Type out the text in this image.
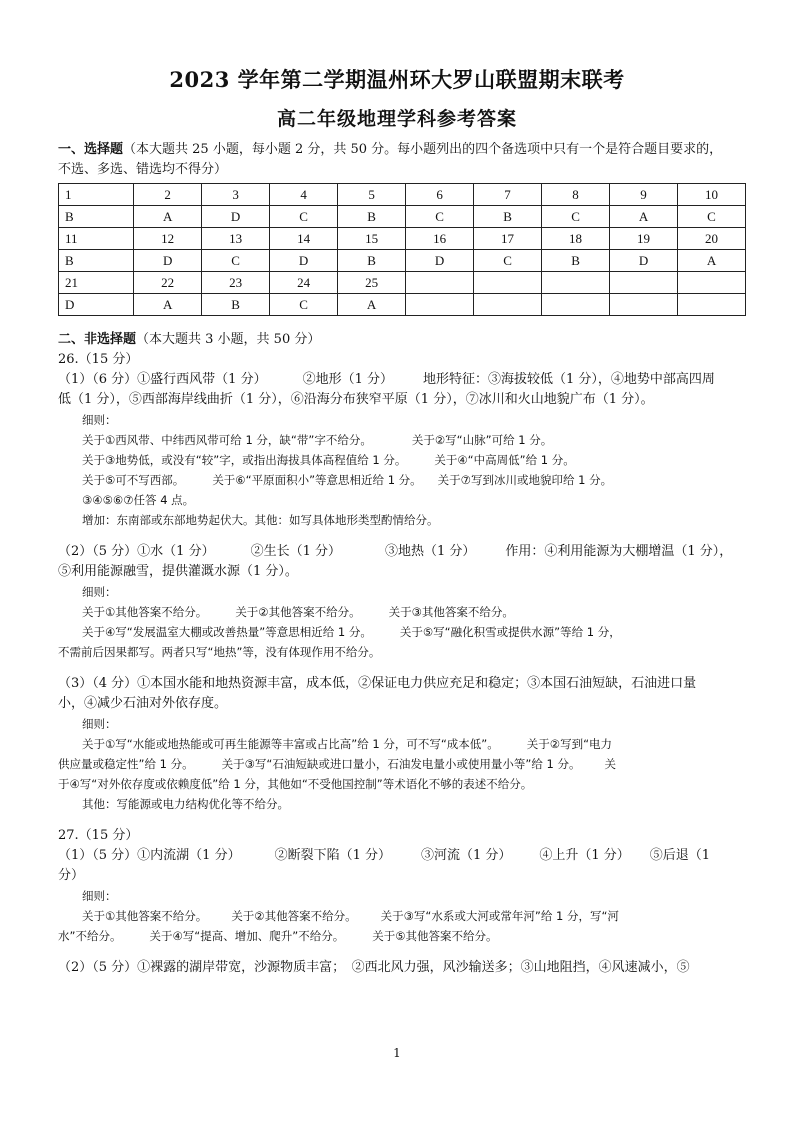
2023 学年第二学期温州环大罗山联盟期末联考
高二年级地理学科参考答案

一、选择题（本大题共 25 小题，每小题 2 分，共 50 分。每小题列出的四个备选项中只有一个是符合题目要求的，

不选、多选、错选均不得分）

1	2	3	4	5	6	7	8	9	10
B	A	D	C	B	C	B	C	A	C
11	12	13	14	15	16	17	18	19	20
B	D	C	D	B	D	C	B	D	A
21	22	23	24	25					
D	A	B	C	A					

二、非选择题（本大题共 3 小题，共 50 分）

26.（15 分）

（1）（6 分）①盛行西风带（1 分）	②地形（1 分） 地形特征：③海拔较低（1 分），④地势中部高四周

低（1 分），⑤西部海岸线曲折（1 分），⑥沿海分布狭窄平原（1 分），⑦冰川和火山地貌广布（1 分）。

细则：

关于①西风带、中纬西风带可给 1 分，缺“带”字不给分。	关于②写“山脉”可给 1 分。

关于③地势低，或没有“较”字，或指出海拔具体高程值给 1 分。 关于④“中高周低”给 1 分。

关于⑤可不写西部。 关于⑥“平原面积小”等意思相近给 1 分。 关于⑦写到冰川或地貌印给 1 分。

③④⑤⑥⑦任答 4 点。

增加：东南部或东部地势起伏大。其他：如写具体地形类型酌情给分。

（2）（5 分）①水（1 分）	②生长（1 分）	③地热（1 分） 作用：④利用能源为大棚增温（1 分），

⑤利用能源融雪，提供灌溉水源（1 分）。

细则：

关于①其他答案不给分。 关于②其他答案不给分。 关于③其他答案不给分。

关于④写“发展温室大棚或改善热量”等意思相近给 1 分。 关于⑤写“融化积雪或提供水源”等给 1 分，

不需前后因果都写。两者只写“地热”等，没有体现作用不给分。

（3）（4 分）①本国水能和地热资源丰富，成本低，②保证电力供应充足和稳定；③本国石油短缺，石油进口量

小，④减少石油对外依存度。

细则：

关于①写“水能或地热能或可再生能源等丰富或占比高”给 1 分，可不写“成本低”。 关于②写到“电力

供应量或稳定性”给 1 分。 关于③写“石油短缺或进口量小，石油发电量小或使用量小等”给 1 分。 关

于④写“对外依存度或依赖度低”给 1 分，其他如“不受他国控制”等术语化不够的表述不给分。

其他：写能源或电力结构优化等不给分。

27.（15 分）

（1）（5 分）①内流湖（1 分）	②断裂下陷（1 分） ③河流（1 分） ④上升（1 分） ⑤后退（1

分）

细则：

关于①其他答案不给分。 关于②其他答案不给分。 关于③写“水系或大河或常年河”给 1 分，写“河

水”不给分。 关于④写“提高、增加、爬升”不给分。 关于⑤其他答案不给分。

（2）（5 分）①裸露的湖岸带宽，沙源物质丰富；　②西北风力强，风沙输送多；③山地阻挡，④风速减小，⑤

1
